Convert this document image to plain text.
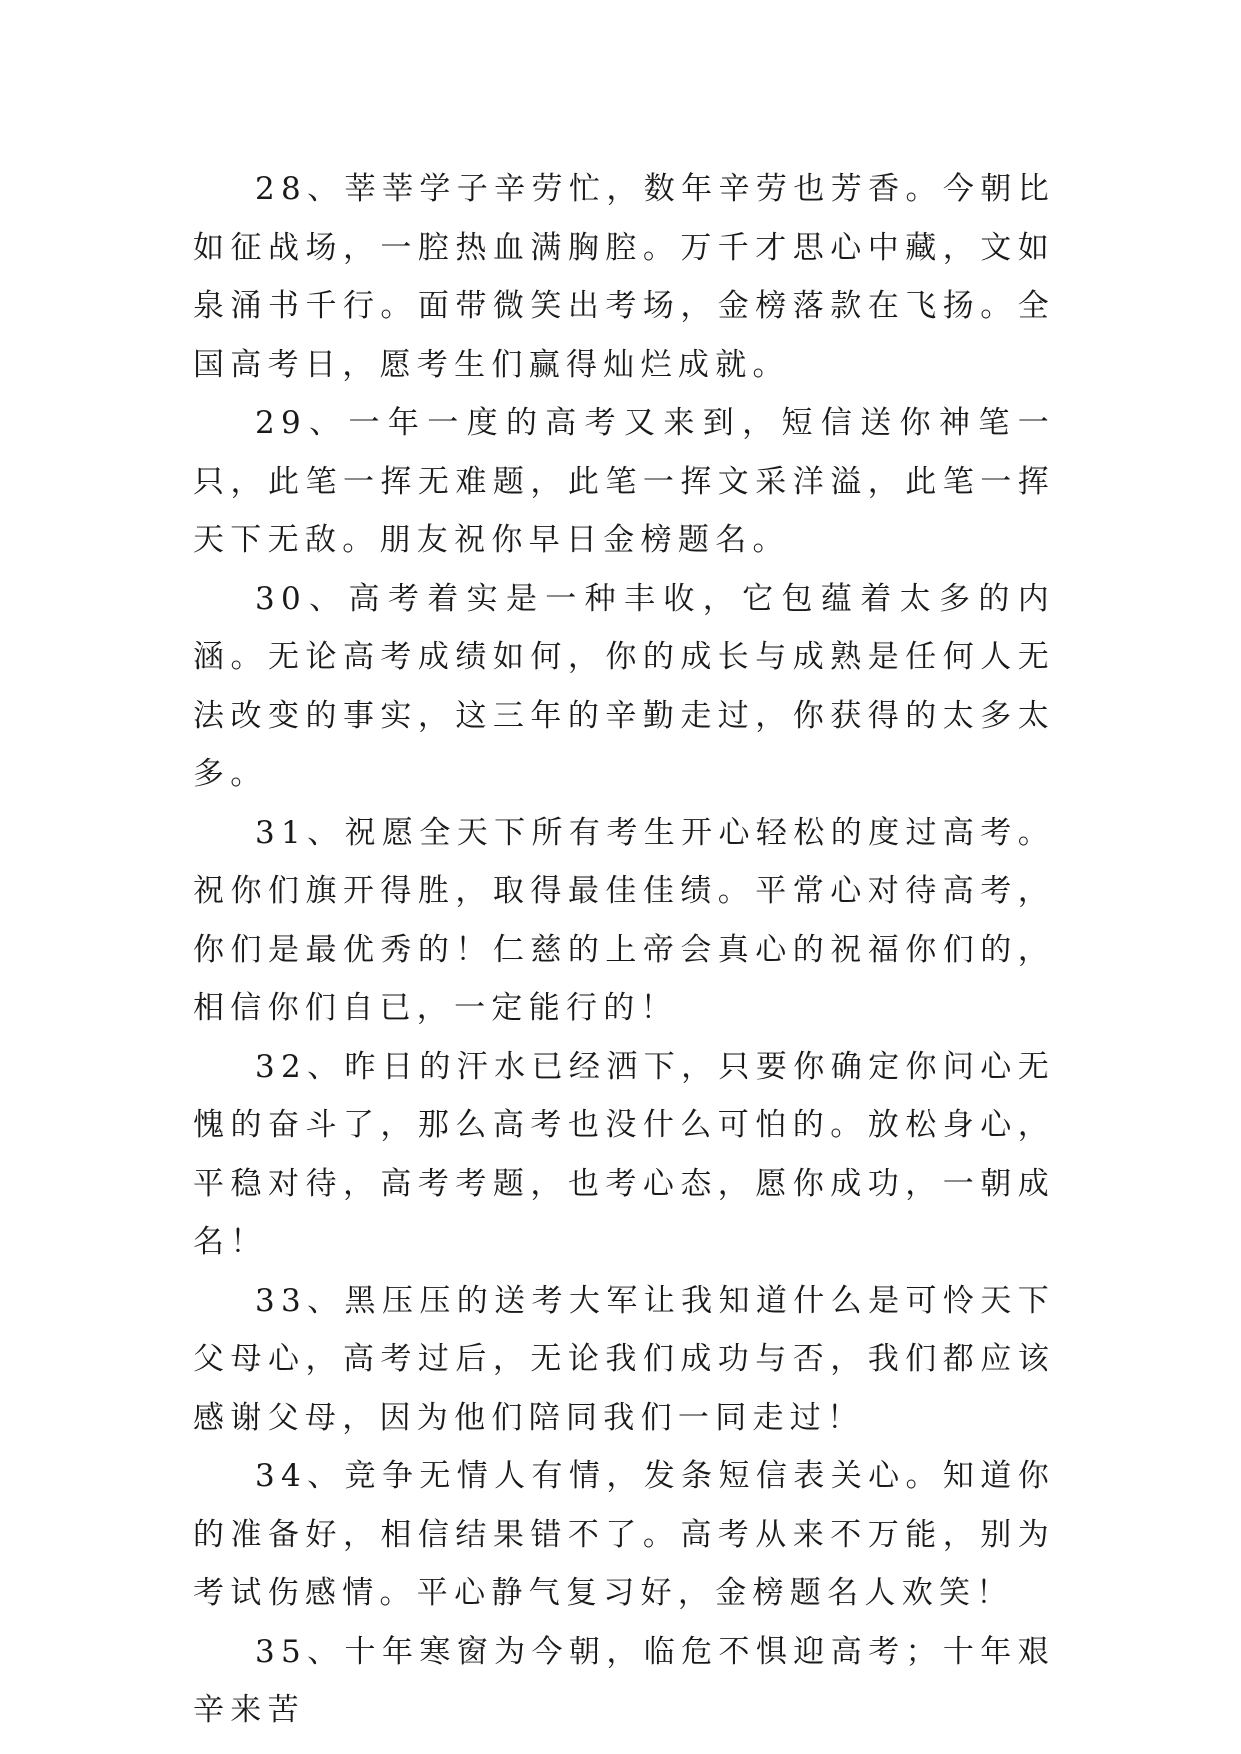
28、莘莘学子辛劳忙，数年辛劳也芳香。今朝比如征战场，一腔热血满胸腔。万千才思心中藏，文如泉涌书千行。面带微笑出考场，金榜落款在飞扬。全国高考日，愿考生们赢得灿烂成就。

29、一年一度的高考又来到，短信送你神笔一只，此笔一挥无难题，此笔一挥文采洋溢，此笔一挥天下无敌。朋友祝你早日金榜题名。

30、高考着实是一种丰收，它包蕴着太多的内涵。无论高考成绩如何，你的成长与成熟是任何人无法改变的事实，这三年的辛勤走过，你获得的太多太多。

31、祝愿全天下所有考生开心轻松的度过高考。祝你们旗开得胜，取得最佳佳绩。平常心对待高考，你们是最优秀的！仁慈的上帝会真心的祝福你们的，相信你们自已，一定能行的！

32、昨日的汗水已经洒下，只要你确定你问心无愧的奋斗了，那么高考也没什么可怕的。放松身心，平稳对待，高考考题，也考心态，愿你成功，一朝成名！

33、黑压压的送考大军让我知道什么是可怜天下父母心，高考过后，无论我们成功与否，我们都应该感谢父母，因为他们陪同我们一同走过！

34、竞争无情人有情，发条短信表关心。知道你的准备好，相信结果错不了。高考从来不万能，别为考试伤感情。平心静气复习好，金榜题名人欢笑！

35、十年寒窗为今朝，临危不惧迎高考；十年艰辛来苦
